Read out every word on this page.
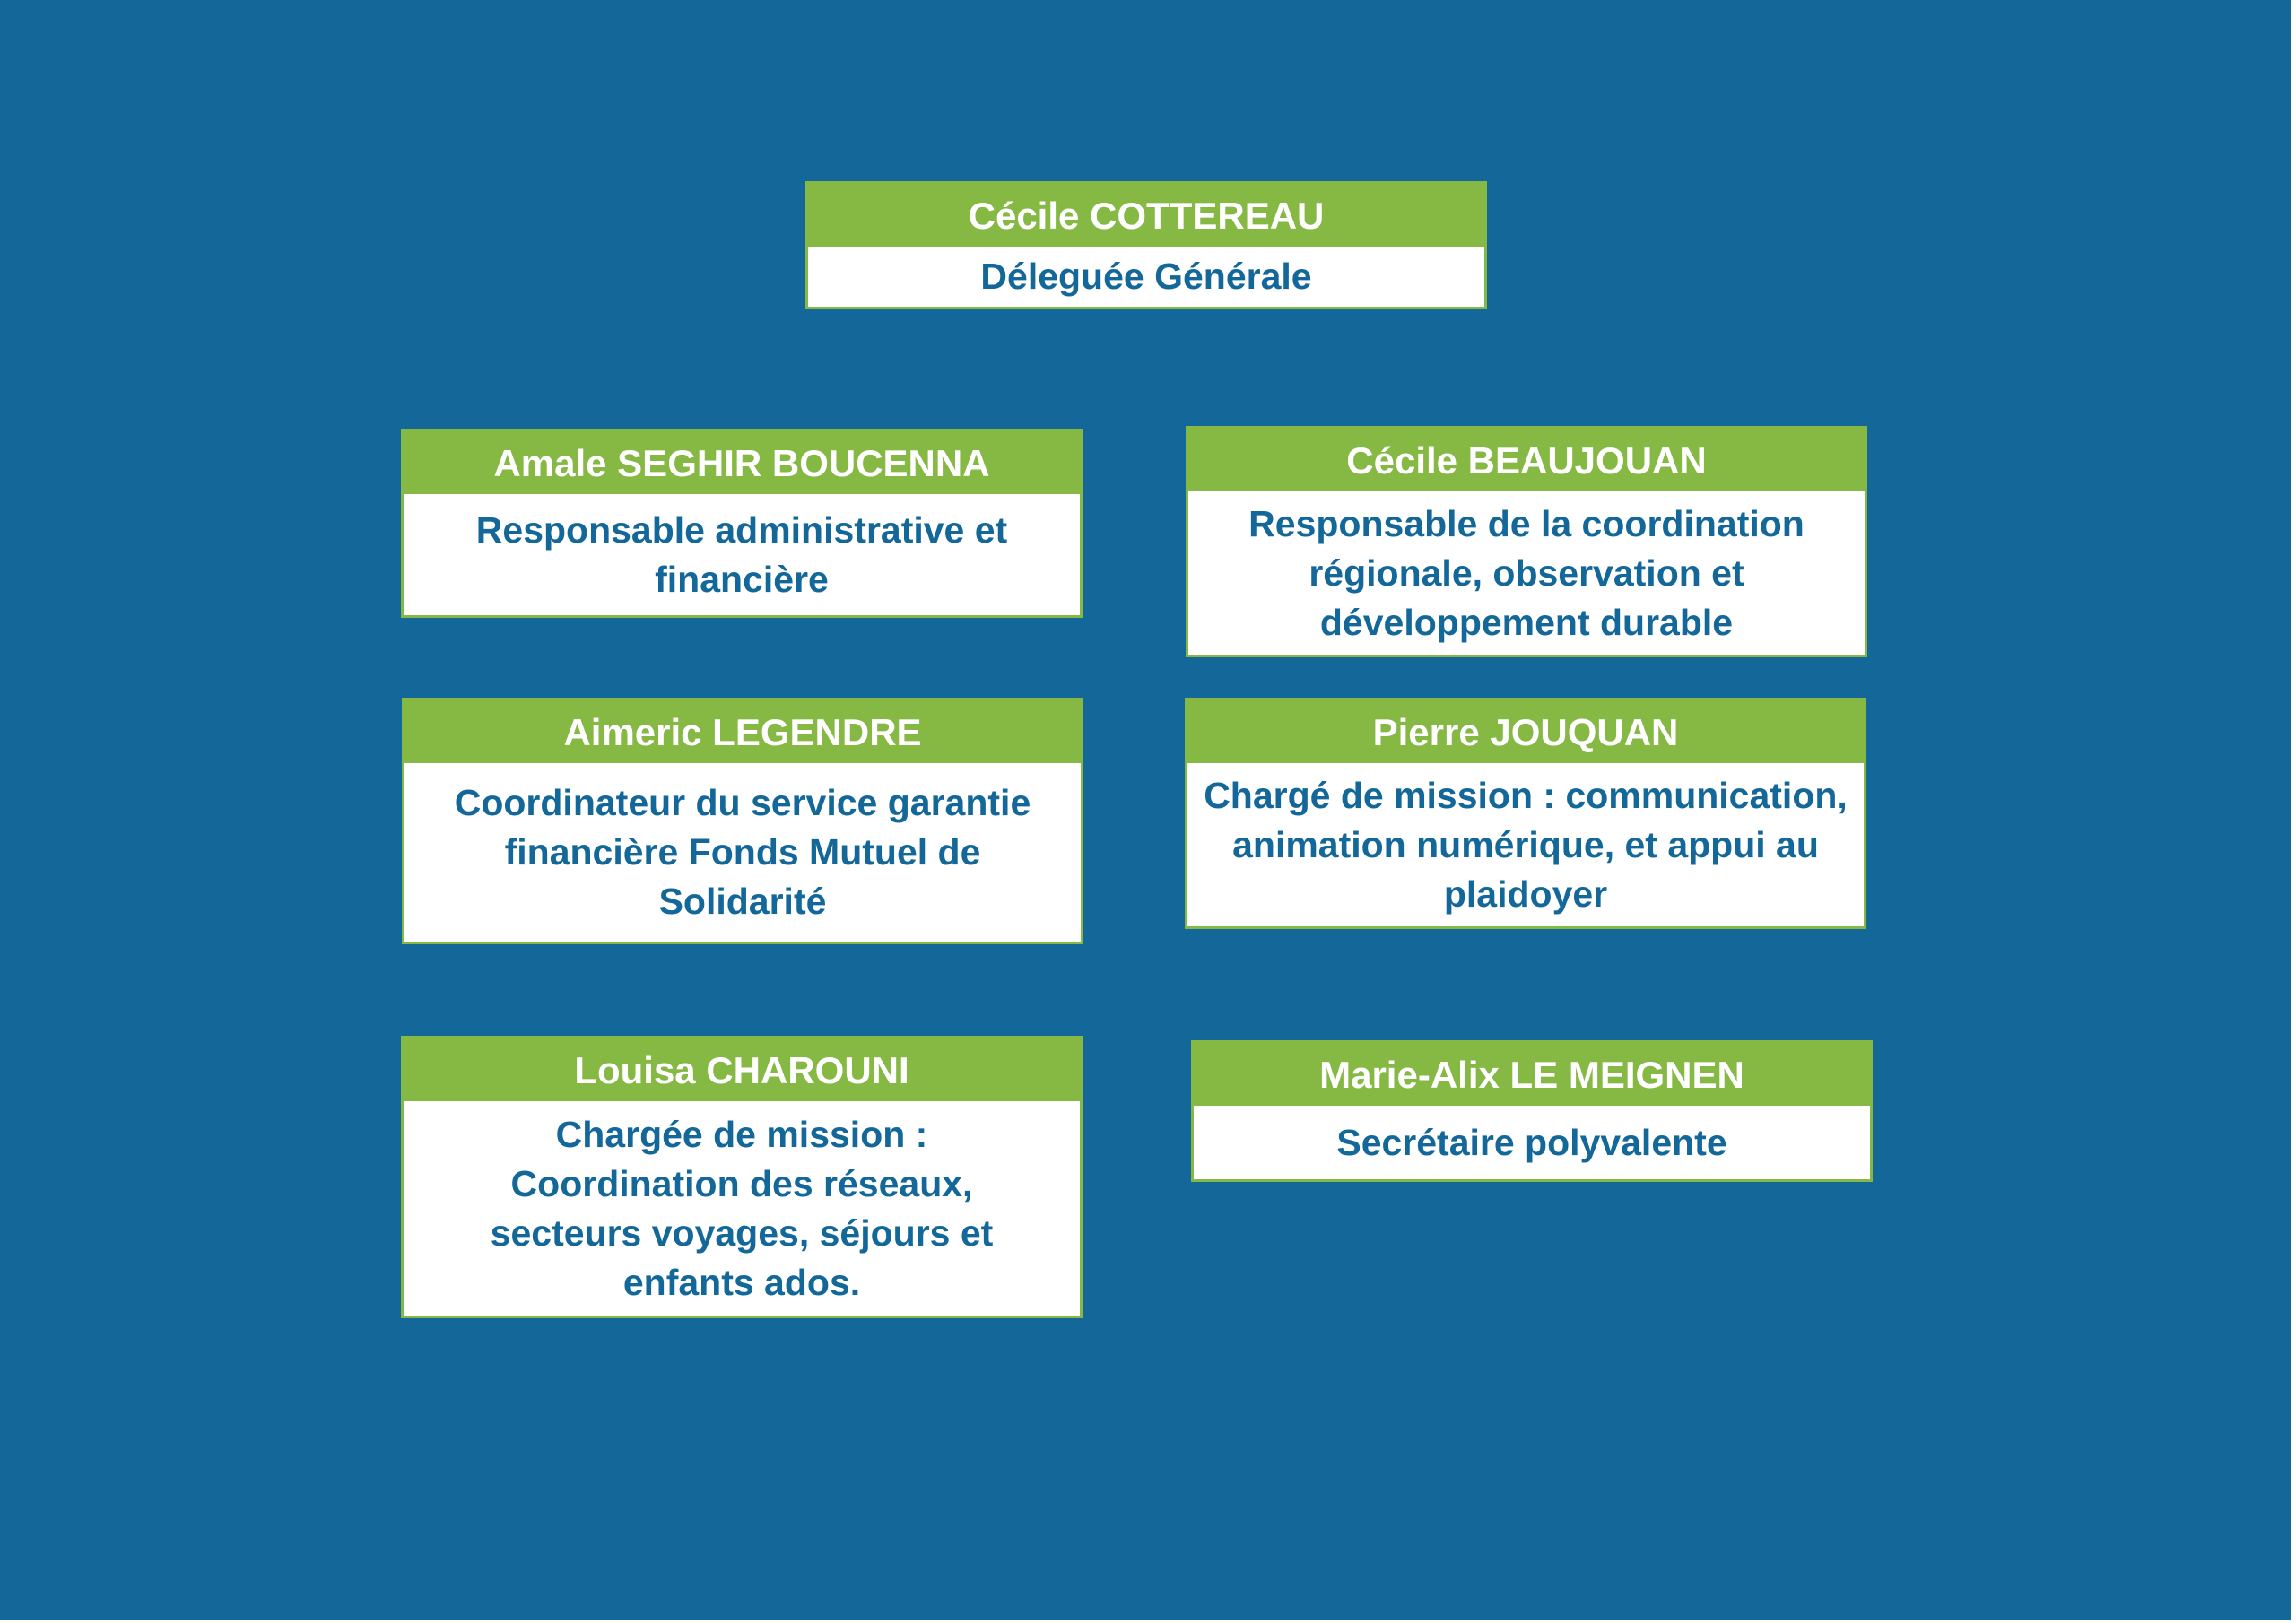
Cécile COTTEREAU
Déleguée Générale
Amale SEGHIR BOUCENNA
Responsable administrative et financière
Cécile BEAUJOUAN
Responsable de la coordination régionale, observation et développement durable
Aimeric LEGENDRE
Coordinateur du service garantie financière Fonds Mutuel de Solidarité
Pierre JOUQUAN
Chargé de mission : communication, animation numérique, et appui au plaidoyer
Louisa CHAROUNI
Chargée de mission : Coordination des réseaux, secteurs voyages, séjours et enfants ados.
Marie-Alix LE MEIGNEN
Secrétaire polyvalente
